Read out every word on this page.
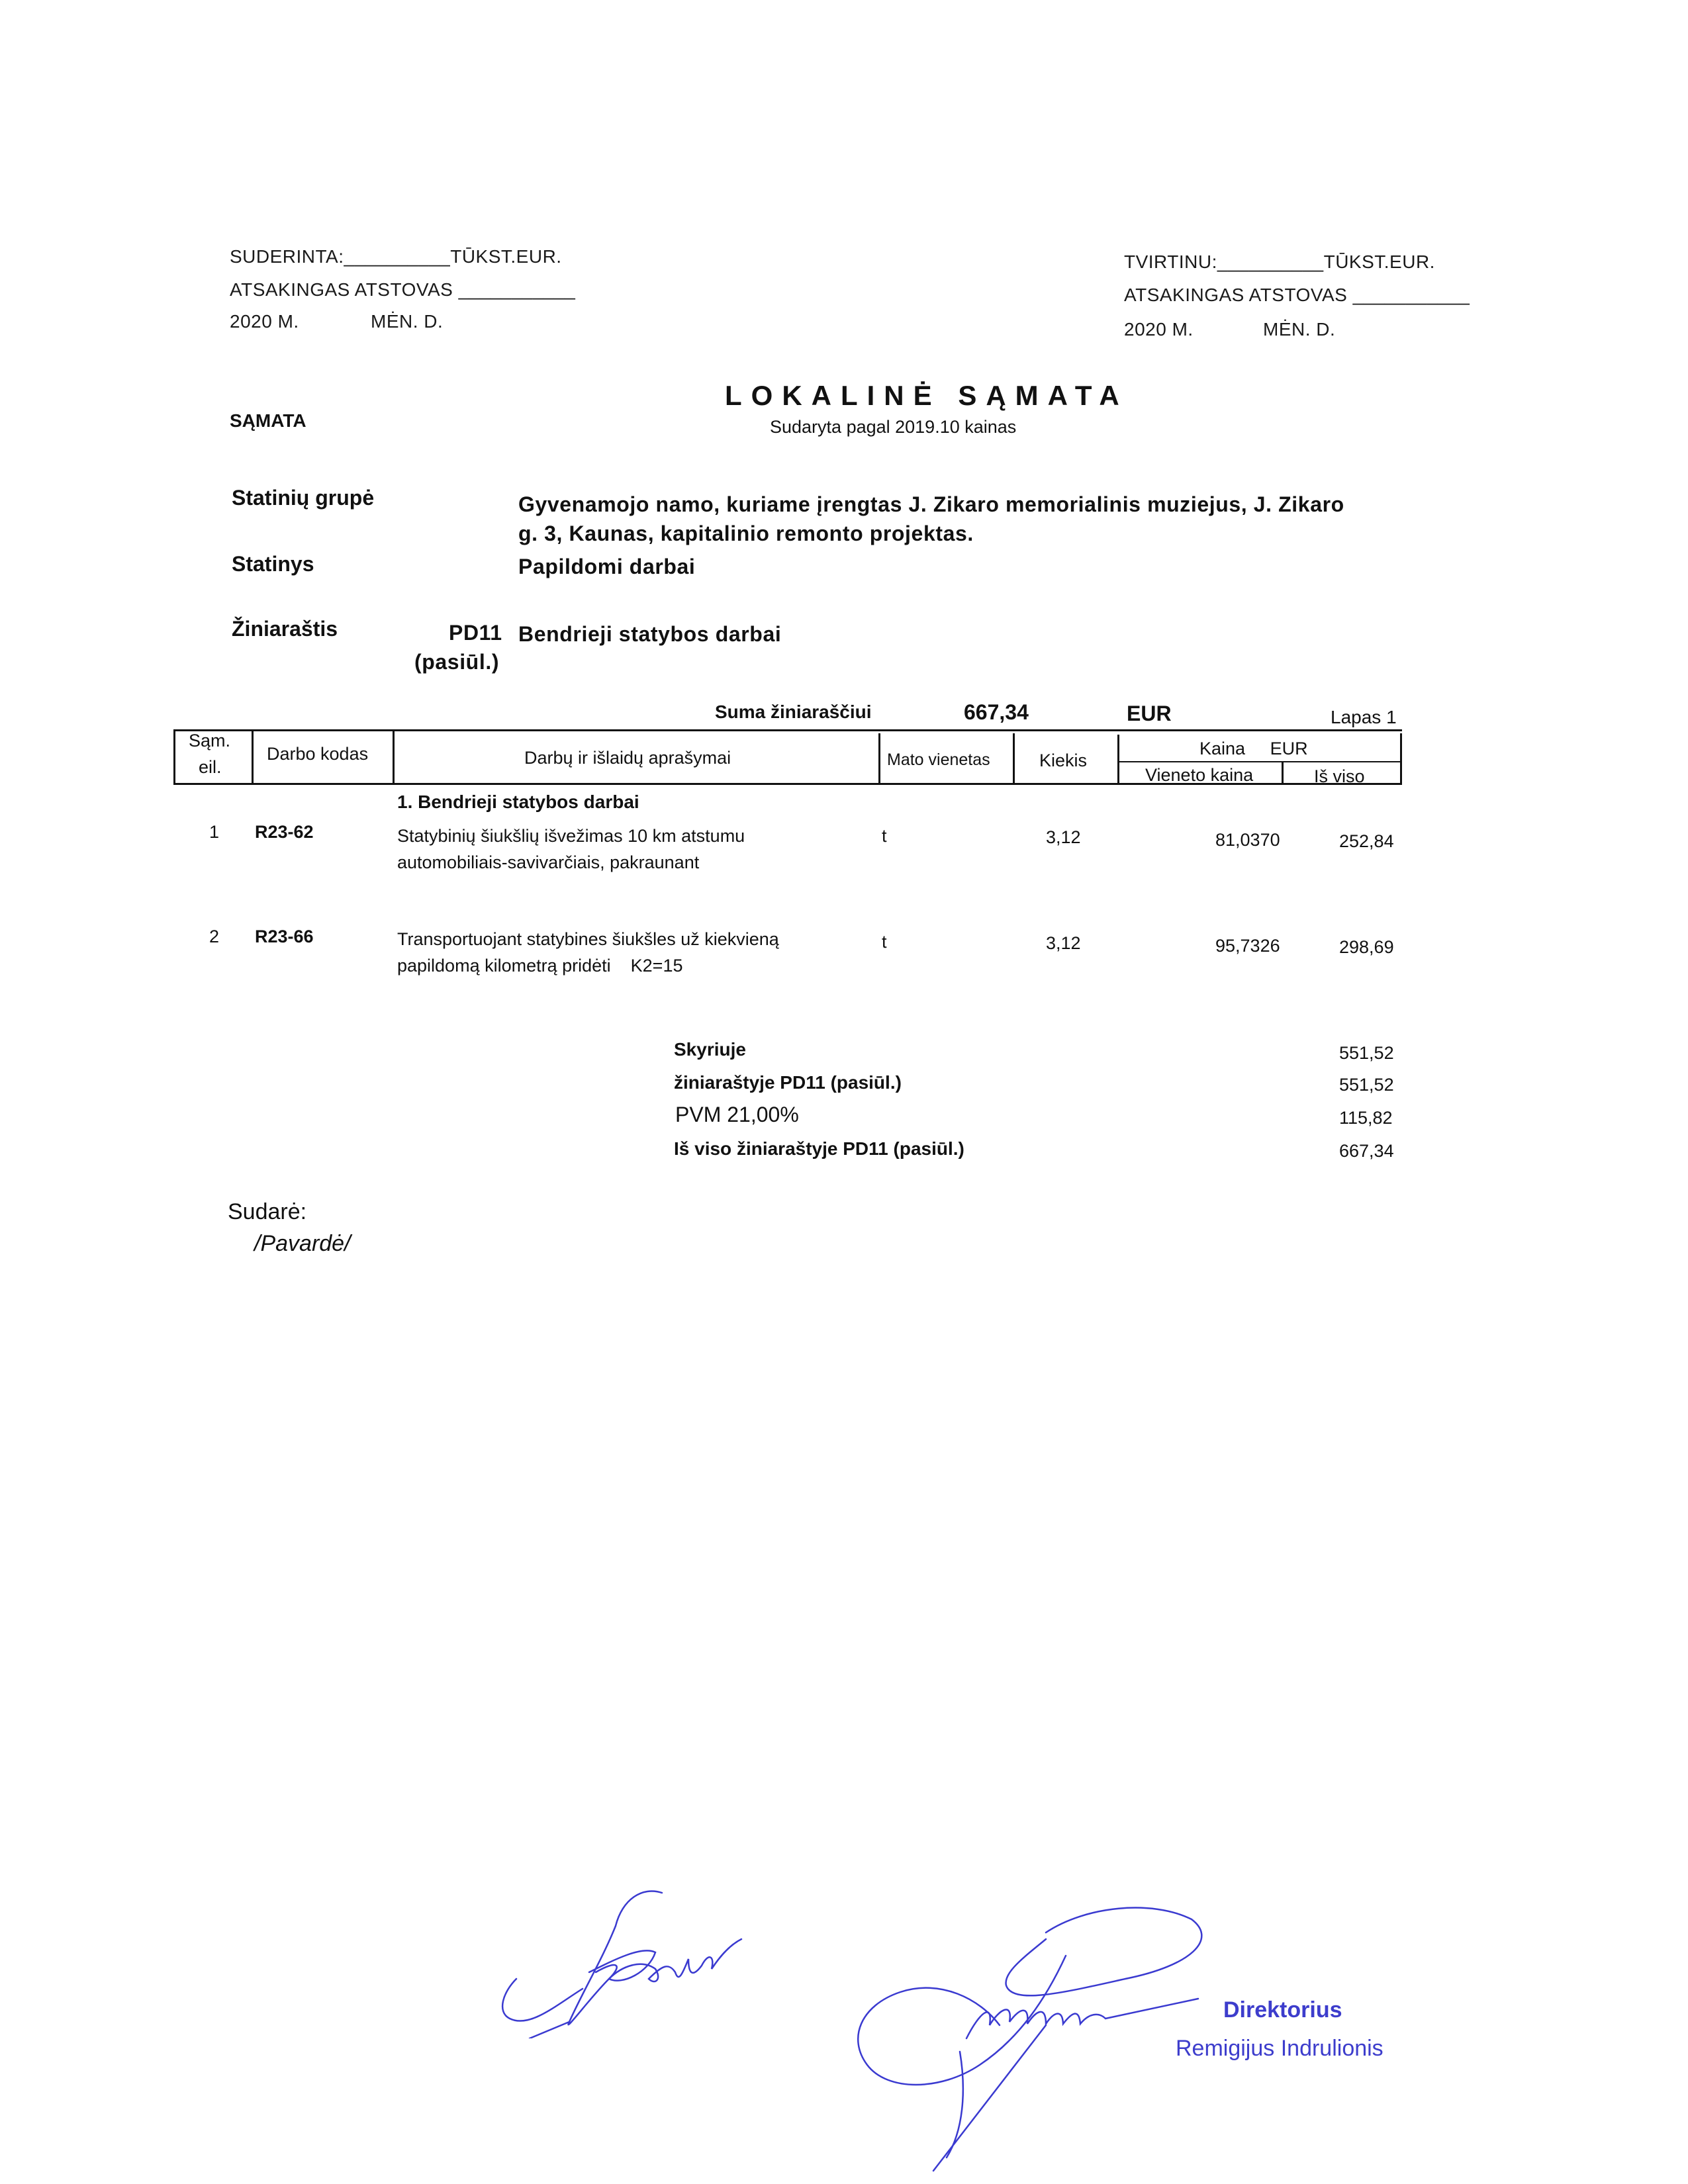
SUDERINTA:__________TŪKST.EUR.
ATSAKINGAS ATSTOVAS ___________
2020 M.	MĖN. D.
TVIRTINU:__________TŪKST.EUR.
ATSAKINGAS ATSTOVAS ___________
2020 M.	MĖN. D.
SĄMATA
LOKALINĖ SĄMATA
Sudaryta pagal 2019.10 kainas
Statinių grupė	Gyvenamojo namo, kuriame įrengtas J. Zikaro memorialinis muziejus, J. Zikaro
g. 3, Kaunas, kapitalinio remonto projektas.
Statinys	Papildomi darbai
Žiniaraštis	PD11
(pasiūl.)
Bendrieji statybos darbai
Suma žiniaraščiui	667,34	EUR	Lapas 1
Sąm.
eil.
Darbo kodas	Darbų ir išlaidų aprašymai	Mato vienetas	Kiekis
Kaina     EUR
Vieneto kaina	Iš viso
1. Bendrieji statybos darbai
1 R23-62	Statybinių šiukšlių išvežimas 10 km atstumu
automobiliais-savivarčiais, pakraunant
t	3,12	81,0370	252,84
2 R23-66	Transportuojant statybines šiukšles už kiekvieną
papildomą kilometrą pridėti    K2=15
t	3,12	95,7326	298,69
Skyriuje	551,52
žiniaraštyje PD11 (pasiūl.)	551,52
PVM 21,00%	115,82
Iš viso žiniaraštyje PD11 (pasiūl.)	667,34
Sudarė:
/Pavardė/
Direktorius
Remigijus Indrulionis
